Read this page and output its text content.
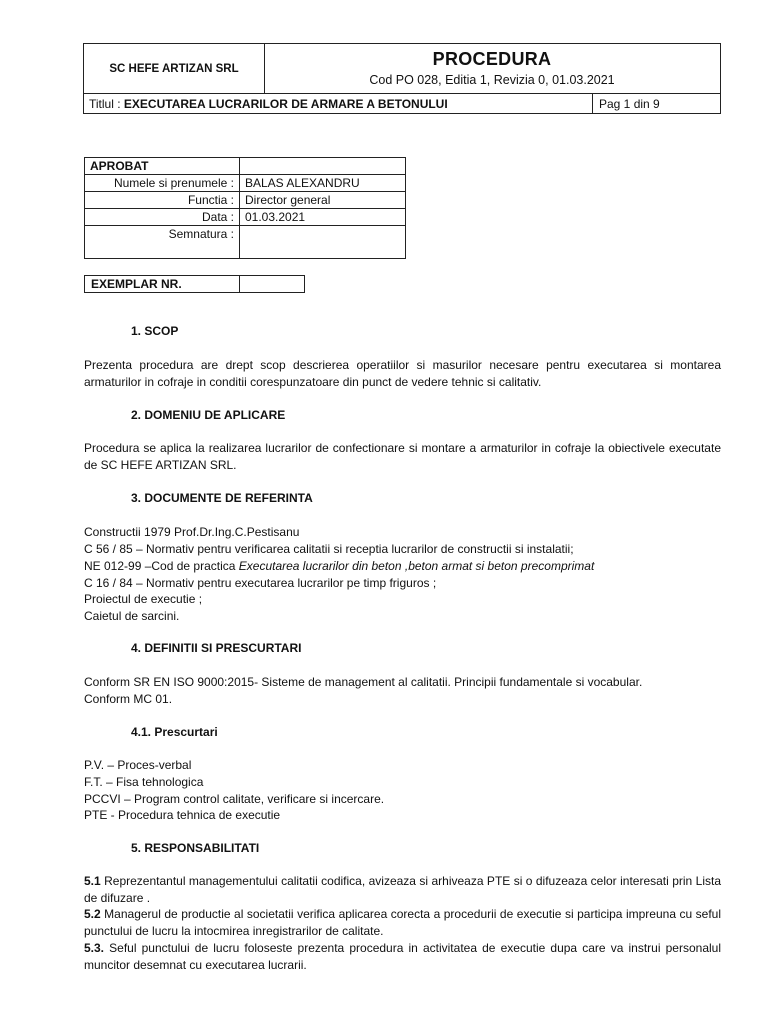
SC HEFE ARTIZAN SRL	PROCEDURA
Cod PO 028, Editia 1, Revizia 0, 01.03.2021
Titlul : EXECUTAREA LUCRARILOR DE ARMARE A BETONULUI	Pag 1 din 9
APROBAT	
Numele si prenumele :	BALAS ALEXANDRU
Functia :	Director general
Data :	01.03.2021
Semnatura :	
EXEMPLAR NR.	
1. SCOP
Prezenta procedura are drept scop descrierea operatiilor si masurilor necesare pentru executarea si montarea armaturilor in cofraje in conditii corespunzatoare din punct de vedere tehnic si calitativ.
2. DOMENIU DE APLICARE
Procedura se aplica la realizarea lucrarilor de confectionare si montare a armaturilor in cofraje la obiectivele executate de SC HEFE ARTIZAN SRL.
3. DOCUMENTE DE REFERINTA
Constructii 1979 Prof.Dr.Ing.C.Pestisanu
C 56 / 85 – Normativ pentru verificarea calitatii si receptia lucrarilor de constructii si instalatii;
NE 012-99 –Cod de practica Executarea lucrarilor din beton ,beton armat si beton precomprimat
C 16 / 84 – Normativ pentru executarea lucrarilor pe timp friguros ;
Proiectul de executie ;
Caietul de sarcini.
4. DEFINITII SI PRESCURTARI
Conform SR EN ISO 9000:2015- Sisteme de management al calitatii. Principii fundamentale si vocabular.
Conform MC 01.
4.1. Prescurtari
P.V. – Proces-verbal
F.T. – Fisa tehnologica
PCCVI – Program control calitate, verificare si incercare.
PTE - Procedura tehnica de executie
5. RESPONSABILITATI
5.1 Reprezentantul managementului calitatii codifica, avizeaza si arhiveaza PTE si o difuzeaza celor interesati prin Lista de difuzare .
5.2 Managerul de productie al societatii verifica aplicarea corecta a procedurii de executie si participa impreuna cu seful punctului de lucru la intocmirea inregistrarilor de calitate.
5.3. Seful punctului de lucru foloseste prezenta procedura in activitatea de executie dupa care va instrui personalul muncitor desemnat cu executarea lucrarii.
